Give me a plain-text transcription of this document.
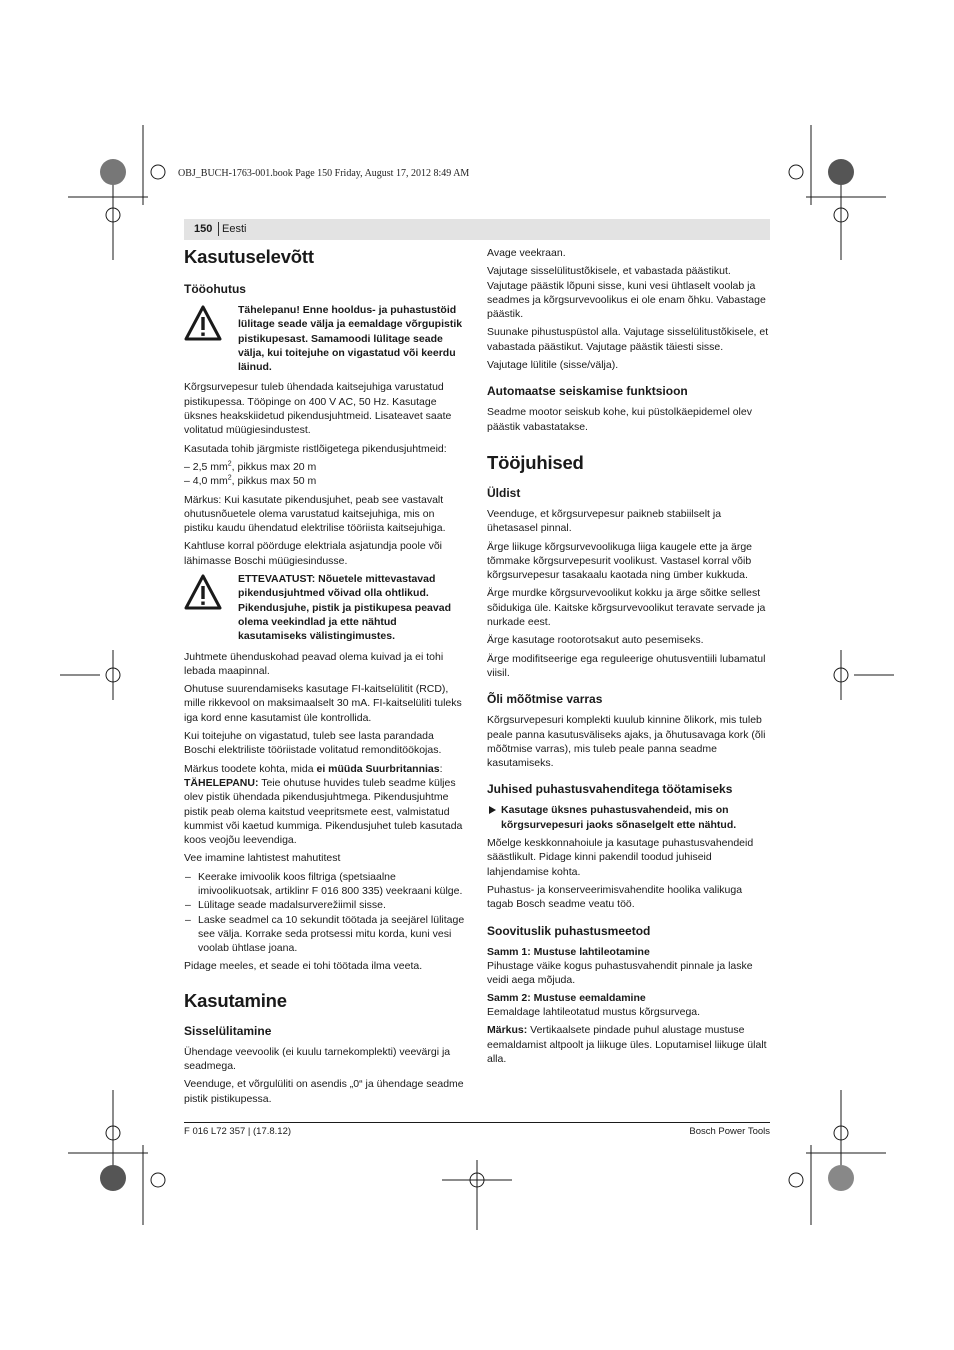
OBJ_BUCH-1763-001.book Page 150 Friday, August 17, 2012 8:49 AM
150 Eesti
Kasutuselevõtt
Tööohutus
Tähelepanu! Enne hooldus- ja puhastustöid lülitage seade välja ja eemaldage võrgupistik pistikupesast. Samamoodi lülitage seade välja, kui toitejuhe on vigastatud või keerdu läinud.

Kõrgsurvepesur tuleb ühendada kaitsejuhiga varustatud pistikupessa. Tööpinge on 400 V AC, 50 Hz. Kasutage üksnes heakskiidetud pikendusjuhtmeid. Lisateavet saate volitatud müügiesindustest.

Kasutada tohib järgmiste ristlõigetega pikendusjuhtmeid:

– 2,5 $mm^2$, pikkus max 20 m
– 4,0 $mm^2$, pikkus max 50 m

Märkus: Kui kasutate pikendusjuhet, peab see vastavalt ohutusnõuetele olema varustatud kaitsejuhiga, mis on pistiku kaudu ühendatud elektrilise tööriista kaitsejuhiga.

Kahtluse korral pöörduge elektriala asjatundja poole või lähimasse Boschi müügiesindusse.

ETTEVAATUST: Nõuetele mittevastavad pikendusjuhtmed võivad olla ohtlikud. Pikendusjuhe, pistik ja pistikupesa peavad olema veekindlad ja ette nähtud kasutamiseks välistingimustes.

Juhtmete ühenduskohad peavad olema kuivad ja ei tohi lebada maapinnal.

Ohutuse suurendamiseks kasutage FI-kaitselülitit (RCD), mille rikkevool on maksimaalselt 30 mA. FI-kaitselüliti tuleks iga kord enne kasutamist üle kontrollida.

Kui toitejuhe on vigastatud, tuleb see lasta parandada Boschi elektriliste tööriistade volitatud remonditöökojas.

Märkus toodete kohta, mida ei müüda Suurbritannias:

TÄHELEPANU: Teie ohutuse huvides tuleb seadme küljes olev pistik ühendada pikendusjuhtmega. Pikendusjuhtme pistik peab olema kaitstud veepritsmete eest, valmistatud kummist või kaetud kummiga. Pikendusjuhet tuleb kasutada koos veojõu leevendiga.

Vee imamine lahtistest mahutitest

– Keerake imivoolik koos filtriga (spetsiaalne imivoolikuotsak, artiklinr F 016 800 335) veekraani külge.
– Lülitage seade madalsurverežiimil sisse.
– Laske seadmel ca 10 sekundit töötada ja seejärel lülitage see välja. Korrake seda protsessi mitu korda, kuni vesi voolab ühtlase joana.

Pidage meeles, et seade ei tohi töötada ilma veeta.

Kasutamine
Sisselülitamine

Ühendage veevoolik (ei kuulu tarnekomplekti) veevärgi ja seadmega.

Veenduge, et võrgulüliti on asendis „0“ ja ühendage seadme pistik pistikupessa.

Avage veekraan.

Vajutage sisselülitustõkisele, et vabastada päästikut. Vajutage päästik lõpuni sisse, kuni vesi ühtlaselt voolab ja seadmes ja kõrgsurvevoolikus ei ole enam õhku. Vabastage päästik.

Suunake pihustuspüstol alla. Vajutage sisselülitustõkisele, et vabastada päästikut. Vajutage päästik täiesti sisse.

Vajutage lülitile (sisse/välja).

Automaatse seiskamise funktsioon

Seadme mootor seiskub kohe, kui püstolkäepidemel olev päästik vabastatakse.

Tööjuhised
Üldist

Veenduge, et kõrgsurvepesur paikneb stabiilselt ja ühetasasel pinnal.

Ärge liikuge kõrgsurvevoolikuga liiga kaugele ette ja ärge tõmmake kõrgsurvepesurit voolikust. Vastasel korral võib kõrgsurvepesur tasakaalu kaotada ning ümber kukkuda.

Ärge murdke kõrgsurvevoolikut kokku ja ärge sõitke sellest sõidukiga üle. Kaitske kõrgsurvevoolikut teravate servade ja nurkade eest.

Ärge kasutage rootorotsakut auto pesemiseks.

Ärge modifitseerige ega reguleerige ohutusventiili lubamatul viisil.

Õli mõõtmise varras

Kõrgsurvepesuri komplekti kuulub kinnine õlikork, mis tuleb peale panna kasutusväliseks ajaks, ja õhutusavaga kork (õli mõõtmise varras), mis tuleb peale panna seadme kasutamiseks.

Juhised puhastusvahenditega töötamiseks

Kasutage üksnes puhastusvahendeid, mis on kõrgsurvepesuri jaoks sõnaselgelt ette nähtud.

Mõelge keskkonnahoiule ja kasutage puhastusvahendeid säästlikult. Pidage kinni pakendil toodud juhiseid lahjendamise kohta.

Puhastus- ja konserveerimisvahendite hoolika valikuga tagab Bosch seadme veatu töö.

Soovituslik puhastusmeetod
Samm 1: Mustuse lahtileotamine

Pihustage väike kogus puhastusvahendit pinnale ja laske veidi aega mõjuda.

Samm 2: Mustuse eemaldamine

Eemaldage lahtileotatud mustus kõrgsurvega.

Märkus: Vertikaalsete pindade puhul alustage mustuse eemaldamist altpoolt ja liikuge üles. Loputamisel liikuge ülalt alla.

F 016 L72 357 | (17.8.12)	Bosch Power Tools
